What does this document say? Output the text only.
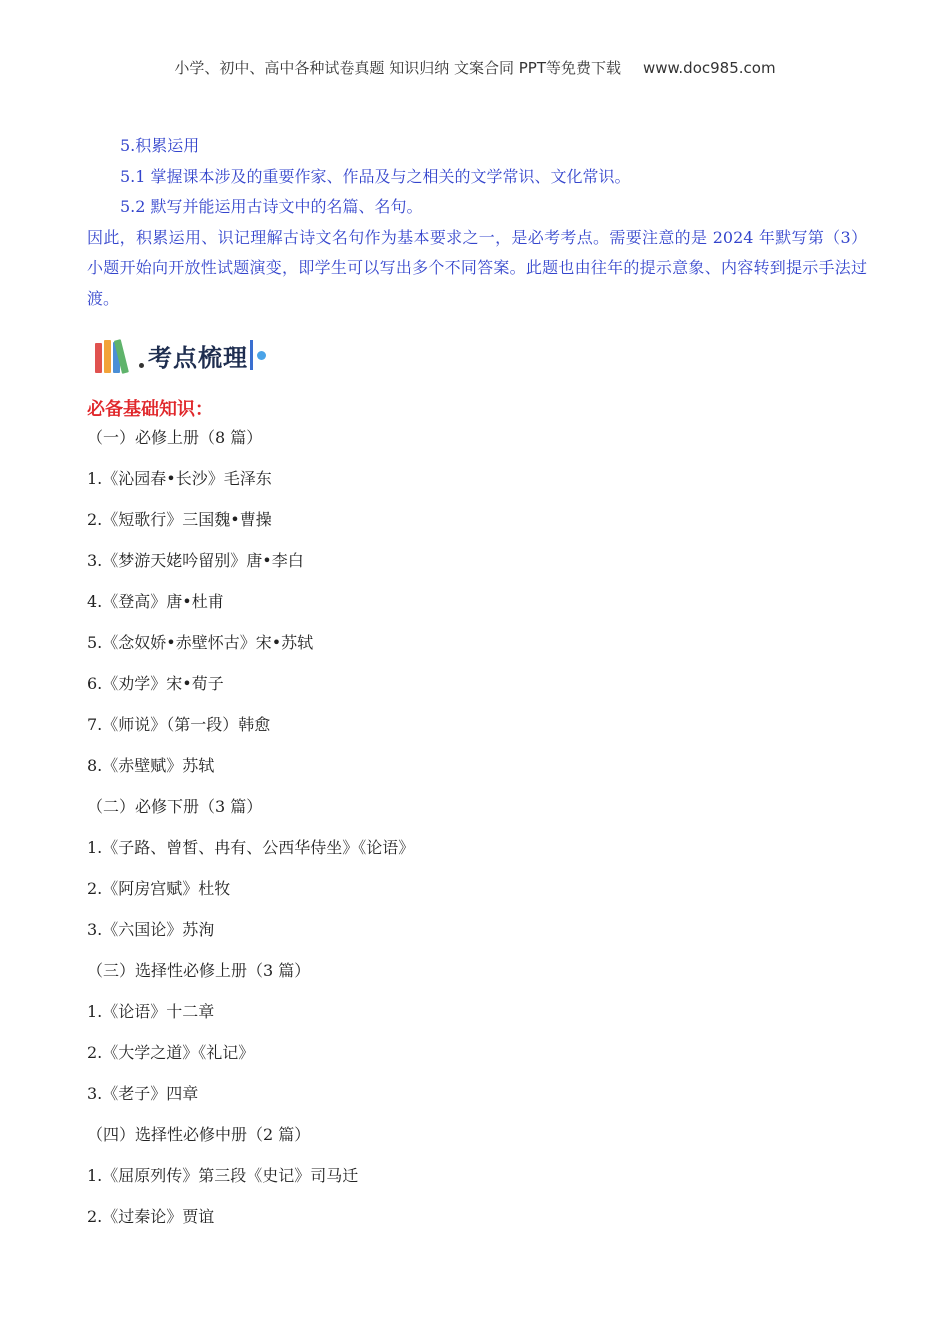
小学、初中、高中各种试卷真题 知识归纳 文案合同 PPT等免费下载 www.doc985.com
5.积累运用
5.1 掌握课本涉及的重要作家、作品及与之相关的文学常识、文化常识。
5.2 默写并能运用古诗文中的名篇、名句。
因此，积累运用、识记理解古诗文名句作为基本要求之一，是必考考点。需要注意的是 2024 年默写第（3）小题开始向开放性试题演变，即学生可以写出多个不同答案。此题也由往年的提示意象、内容转到提示手法过渡。
考点梳理
必备基础知识：
（一）必修上册（8 篇）
1.《沁园春•长沙》毛泽东
2.《短歌行》三国魏•曹操
3.《梦游天姥吟留别》唐•李白
4.《登高》唐•杜甫
5.《念奴娇•赤壁怀古》宋•苏轼
6.《劝学》宋•荀子
7.《师说》（第一段）韩愈
8.《赤壁赋》苏轼
（二）必修下册（3 篇）
1.《子路、曾皙、冉有、公西华侍坐》《论语》
2.《阿房宫赋》杜牧
3.《六国论》苏洵
（三）选择性必修上册（3 篇）
1.《论语》十二章
2.《大学之道》《礼记》
3.《老子》四章
（四）选择性必修中册（2 篇）
1.《屈原列传》第三段《史记》司马迁
2.《过秦论》贾谊
